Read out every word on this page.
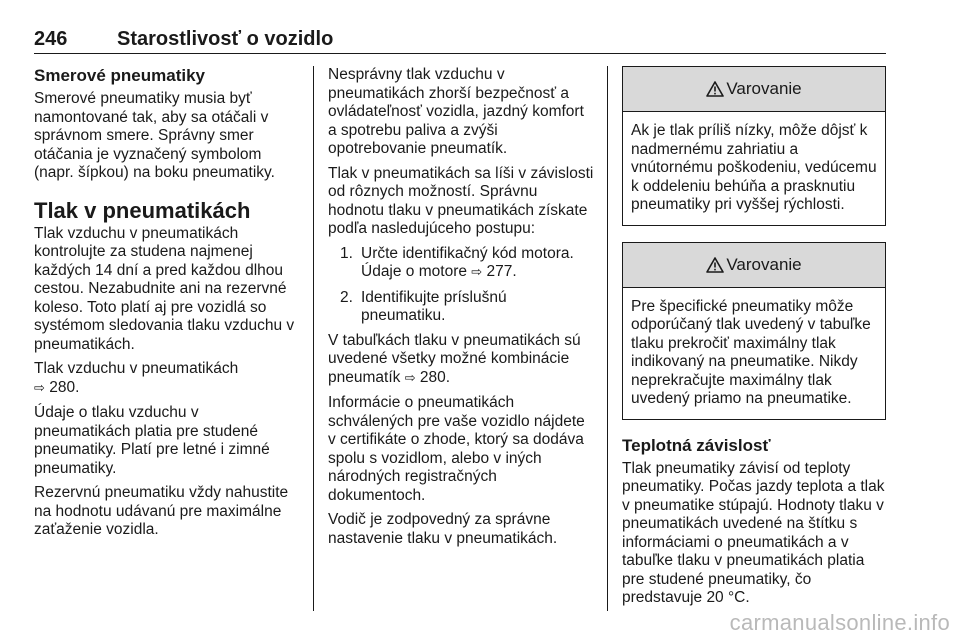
246 Starostlivosť o vozidlo
Smerové pneumatiky

Smerové pneumatiky musia byť namontované tak, aby sa otáčali v správnom smere. Správny smer otáčania je vyznačený symbolom (napr. šípkou) na boku pneumatiky.

Tlak v pneumatikách

Tlak vzduchu v pneumatikách kontrolujte za studena najmenej každých 14 dní a pred každou dlhou cestou. Nezabudnite ani na rezervné koleso. Toto platí aj pre vozidlá so systémom sledovania tlaku vzduchu v pneumatikách.

Tlak vzduchu v pneumatikách
⇨ 280.

Údaje o tlaku vzduchu v pneumatikách platia pre studené pneumatiky. Platí pre letné i zimné pneumatiky.

Rezervnú pneumatiku vždy nahustite na hodnotu udávanú pre maximálne zaťaženie vozidla.

Nesprávny tlak vzduchu v pneumatikách zhorší bezpečnosť a ovládateľnosť vozidla, jazdný komfort a spotrebu paliva a zvýši opotrebovanie pneumatík.

Tlak v pneumatikách sa líši v závislosti od rôznych možností. Správnu hodnotu tlaku v pneumatikách získate podľa nasledujúceho postupu:

1. Určte identifikačný kód motora. Údaje o motore ⇨ 277.
2. Identifikujte príslušnú pneumatiku.

V tabuľkách tlaku v pneumatikách sú uvedené všetky možné kombinácie pneumatík ⇨ 280.

Informácie o pneumatikách schválených pre vaše vozidlo nájdete v certifikáte o zhode, ktorý sa dodáva spolu s vozidlom, alebo v iných národných registračných dokumentoch.

Vodič je zodpovedný za správne nastavenie tlaku v pneumatikách.

Varovanie

Ak je tlak príliš nízky, môže dôjsť k nadmernému zahriatiu a vnútornému poškodeniu, vedúcemu k oddeleniu behúňa a prasknutiu pneumatiky pri vyššej rýchlosti.

Varovanie

Pre špecifické pneumatiky môže odporúčaný tlak uvedený v tabuľke tlaku prekročiť maximálny tlak indikovaný na pneumatike. Nikdy neprekračujte maximálny tlak uvedený priamo na pneumatike.

Teplotná závislosť

Tlak pneumatiky závisí od teploty pneumatiky. Počas jazdy teplota a tlak v pneumatike stúpajú. Hodnoty tlaku v pneumatikách uvedené na štítku s informáciami o pneumatikách a v tabuľke tlaku v pneumatikách platia pre studené pneumatiky, čo predstavuje 20 °C.

carmanualsonline.info
